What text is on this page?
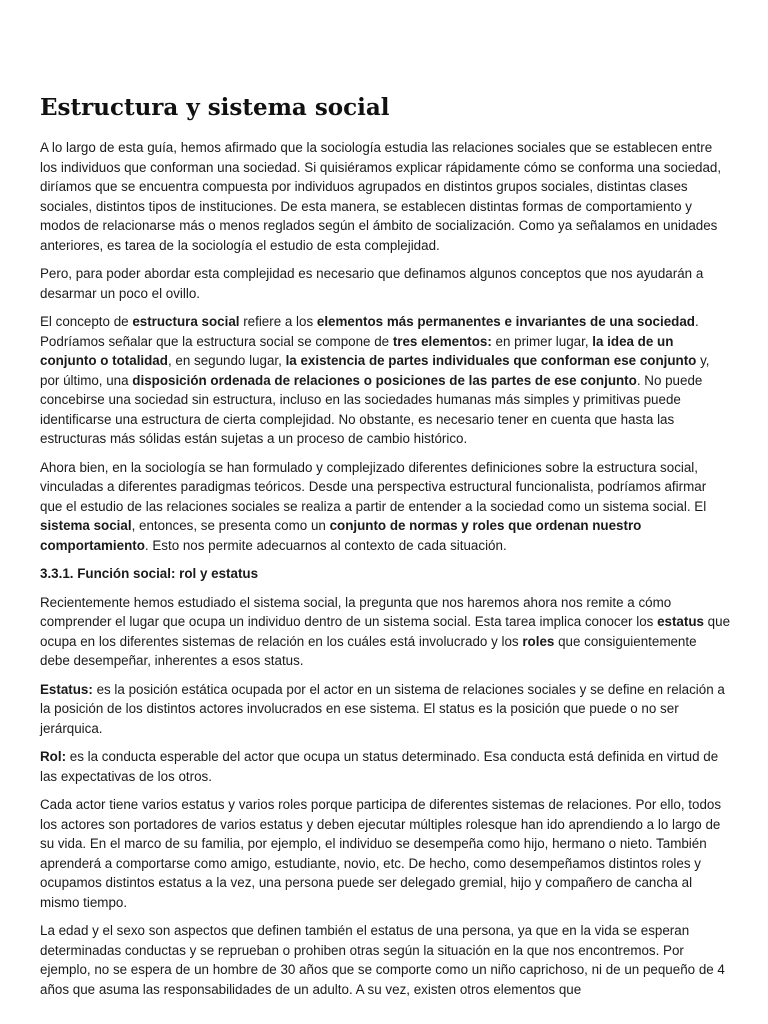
Estructura y sistema social

A lo largo de esta guía, hemos afirmado que la sociología estudia las relaciones sociales que se establecen entre los individuos que conforman una sociedad. Si quisiéramos explicar rápidamente cómo se conforma una sociedad, diríamos que se encuentra compuesta por individuos agrupados en distintos grupos sociales, distintas clases sociales, distintos tipos de instituciones. De esta manera, se establecen distintas formas de comportamiento y modos de relacionarse más o menos reglados según el ámbito de socialización. Como ya señalamos en unidades anteriores, es tarea de la sociología el estudio de esta complejidad.

Pero, para poder abordar esta complejidad es necesario que definamos algunos conceptos que nos ayudarán a desarmar un poco el ovillo.

El concepto de estructura social refiere a los elementos más permanentes e invariantes de una sociedad. Podríamos señalar que la estructura social se compone de tres elementos: en primer lugar, la idea de un conjunto o totalidad, en segundo lugar, la existencia de partes individuales que conforman ese conjunto y, por último, una disposición ordenada de relaciones o posiciones de las partes de ese conjunto. No puede concebirse una sociedad sin estructura, incluso en las sociedades humanas más simples y primitivas puede identificarse una estructura de cierta complejidad. No obstante, es necesario tener en cuenta que hasta las estructuras más sólidas están sujetas a un proceso de cambio histórico.

Ahora bien, en la sociología se han formulado y complejizado diferentes definiciones sobre la estructura social, vinculadas a diferentes paradigmas teóricos. Desde una perspectiva estructural funcionalista, podríamos afirmar que el estudio de las relaciones sociales se realiza a partir de entender a la sociedad como un sistema social. El sistema social, entonces, se presenta como un conjunto de normas y roles que ordenan nuestro comportamiento. Esto nos permite adecuarnos al contexto de cada situación.

3.3.1. Función social: rol y estatus

Recientemente hemos estudiado el sistema social, la pregunta que nos haremos ahora nos remite a cómo comprender el lugar que ocupa un individuo dentro de un sistema social. Esta tarea implica conocer los estatus que ocupa en los diferentes sistemas de relación en los cuáles está involucrado y los roles que consiguientemente debe desempeñar, inherentes a esos status.

Estatus: es la posición estática ocupada por el actor en un sistema de relaciones sociales y se define en relación a la posición de los distintos actores involucrados en ese sistema. El status es la posición que puede o no ser jerárquica.

Rol: es la conducta esperable del actor que ocupa un status determinado. Esa conducta está definida en virtud de las expectativas de los otros.

Cada actor tiene varios estatus y varios roles porque participa de diferentes sistemas de relaciones. Por ello, todos los actores son portadores de varios estatus y deben ejecutar múltiples rolesque han ido aprendiendo a lo largo de su vida. En el marco de su familia, por ejemplo, el individuo se desempeña como hijo, hermano o nieto. También aprenderá a comportarse como amigo, estudiante, novio, etc. De hecho, como desempeñamos distintos roles y ocupamos distintos estatus a la vez, una persona puede ser delegado gremial, hijo y compañero de cancha al mismo tiempo.

La edad y el sexo son aspectos que definen también el estatus de una persona, ya que en la vida se esperan determinadas conductas y se reprueban o prohiben otras según la situación en la que nos encontremos. Por ejemplo, no se espera de un hombre de 30 años que se comporte como un niño caprichoso, ni de un pequeño de 4 años que asuma las responsabilidades de un adulto. A su vez, existen otros elementos que
